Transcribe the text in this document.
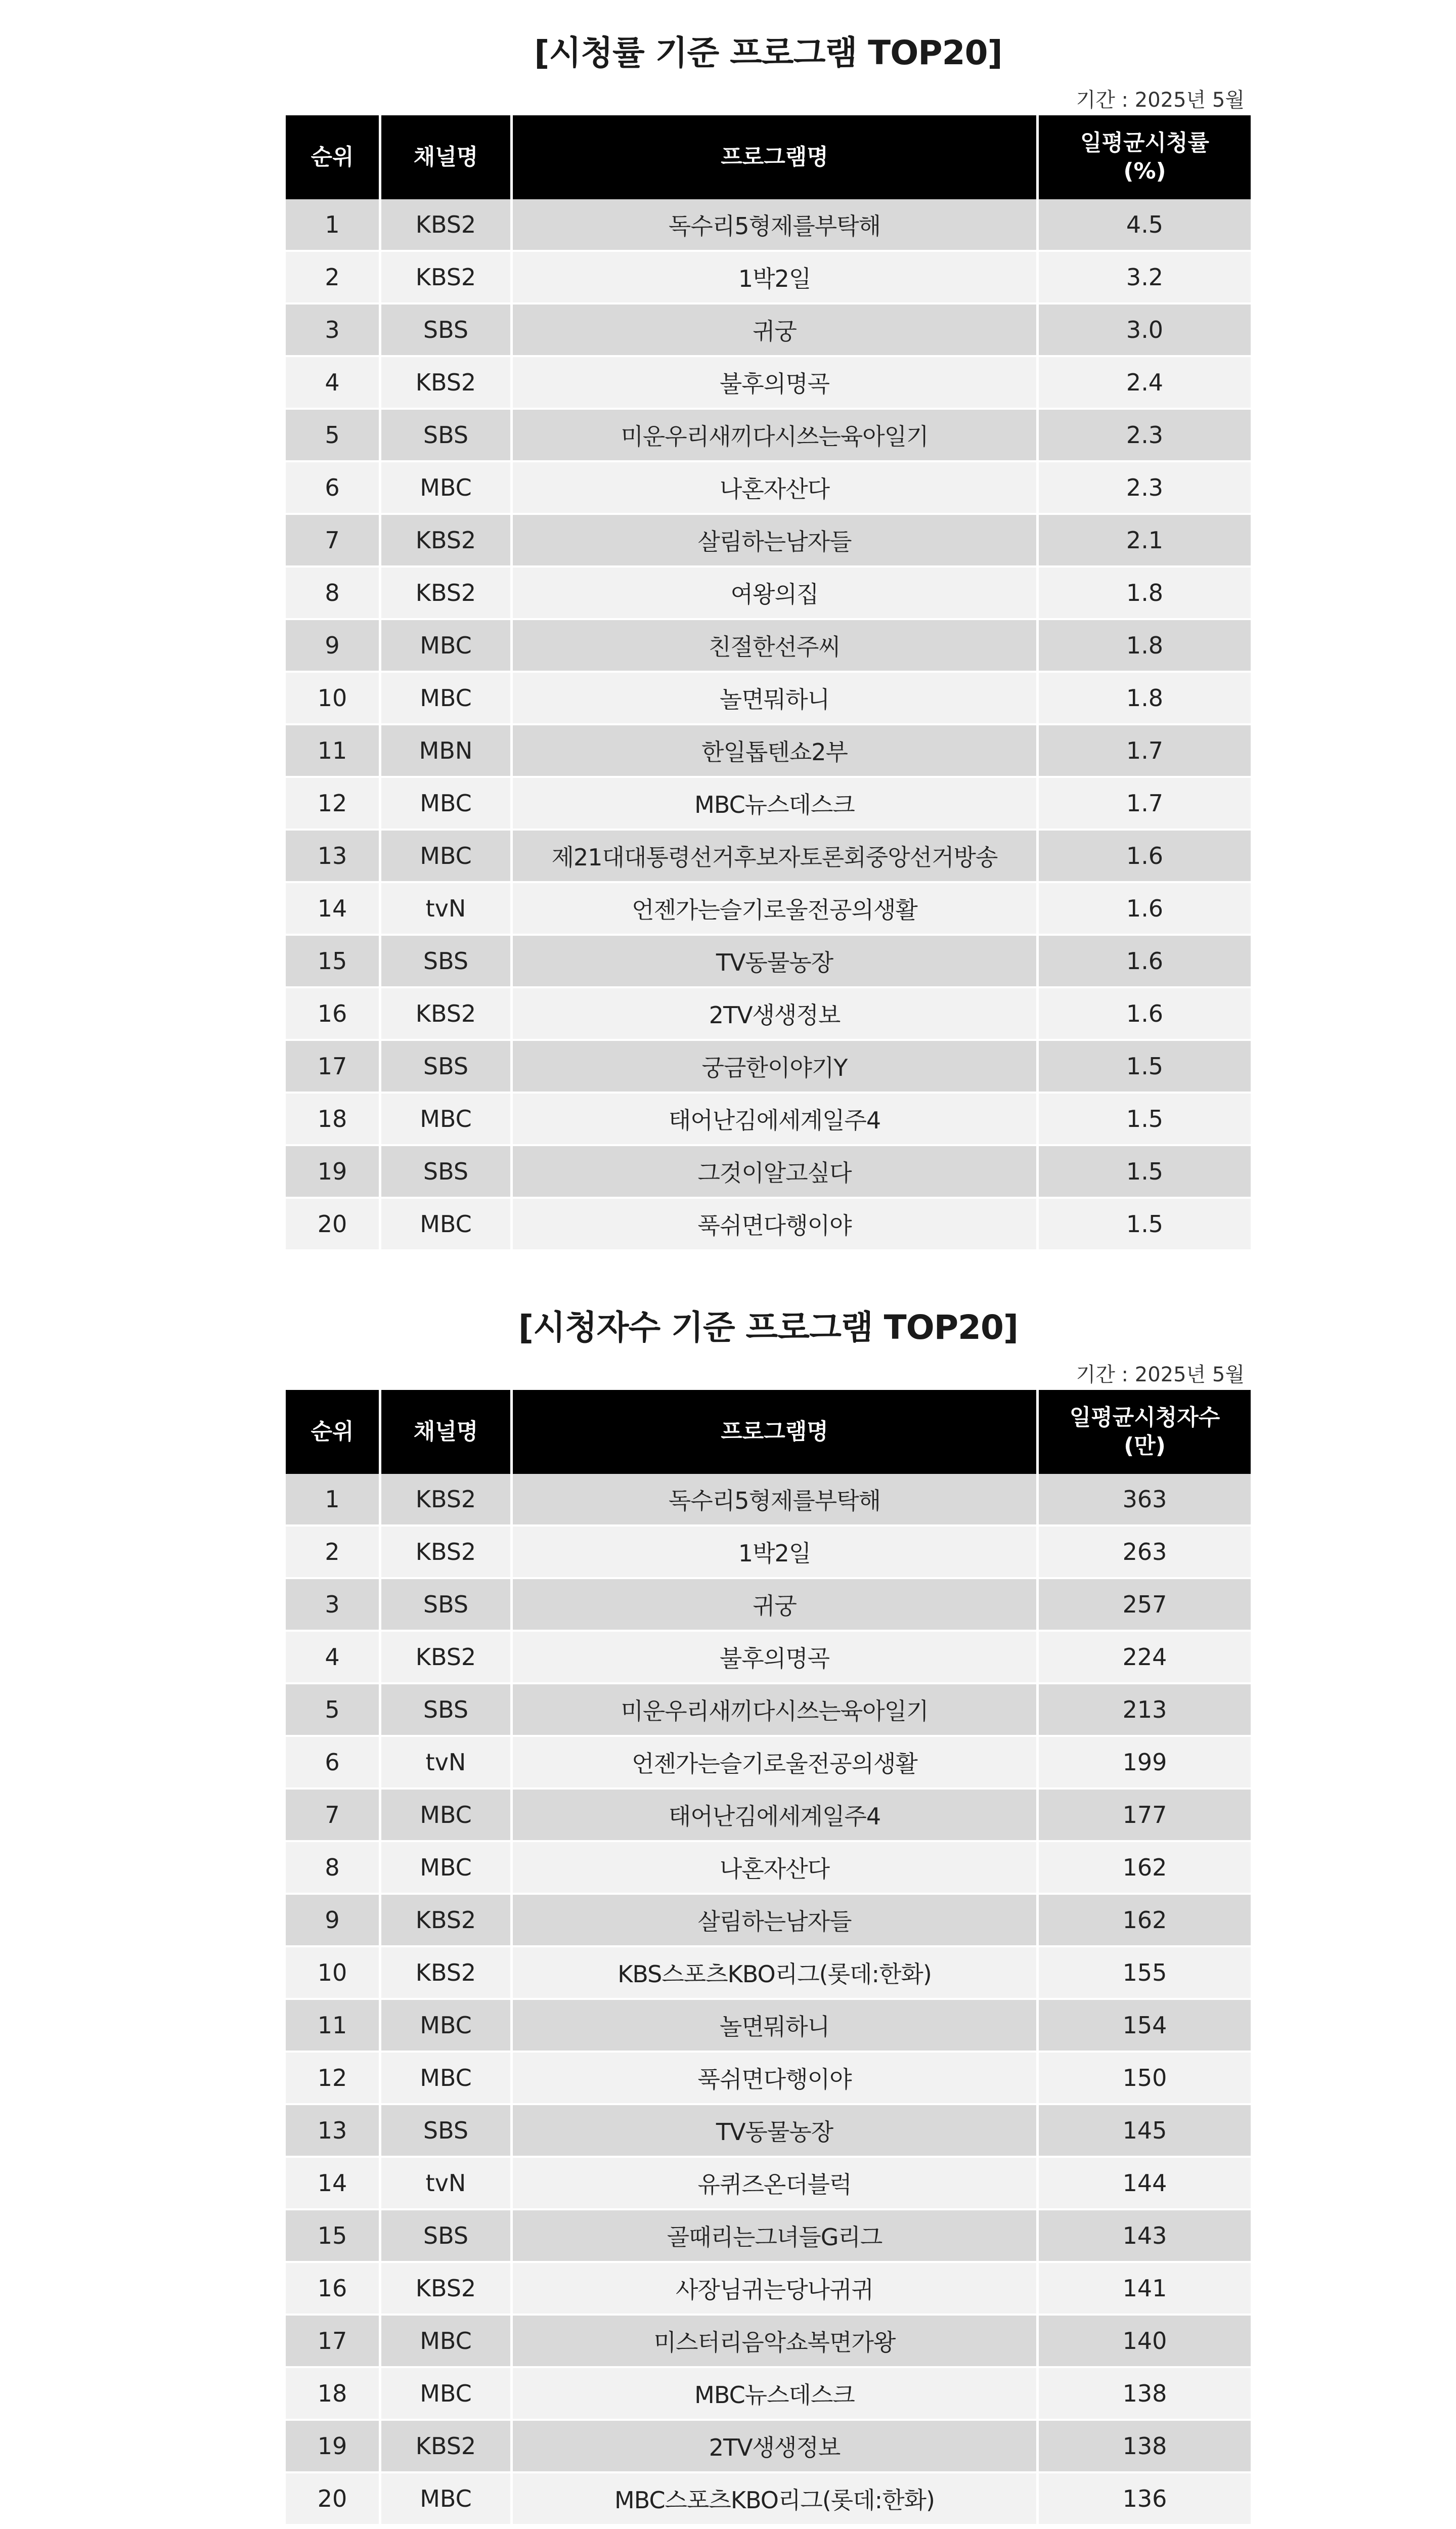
[시청률 기준 프로그램 TOP20]
기간 : 2025년 5월
순위	채널명	프로그램명	일평균시청률
(%)
1	KBS2	독수리5형제를부탁해	4.5
2	KBS2	1박2일	3.2
3	SBS	귀궁	3.0
4	KBS2	불후의명곡	2.4
5	SBS	미운우리새끼다시쓰는육아일기	2.3
6	MBC	나혼자산다	2.3
7	KBS2	살림하는남자들	2.1
8	KBS2	여왕의집	1.8
9	MBC	친절한선주씨	1.8
10	MBC	놀면뭐하니	1.8
11	MBN	한일톱텐쇼2부	1.7
12	MBC	MBC뉴스데스크	1.7
13	MBC	제21대대통령선거후보자토론회중앙선거방송	1.6
14	tvN	언젠가는슬기로울전공의생활	1.6
15	SBS	TV동물농장	1.6
16	KBS2	2TV생생정보	1.6
17	SBS	궁금한이야기Y	1.5
18	MBC	태어난김에세계일주4	1.5
19	SBS	그것이알고싶다	1.5
20	MBC	푹쉬면다행이야	1.5
[시청자수 기준 프로그램 TOP20]
기간 : 2025년 5월
순위	채널명	프로그램명	일평균시청자수
(만)
1	KBS2	독수리5형제를부탁해	363
2	KBS2	1박2일	263
3	SBS	귀궁	257
4	KBS2	불후의명곡	224
5	SBS	미운우리새끼다시쓰는육아일기	213
6	tvN	언젠가는슬기로울전공의생활	199
7	MBC	태어난김에세계일주4	177
8	MBC	나혼자산다	162
9	KBS2	살림하는남자들	162
10	KBS2	KBS스포츠KBO리그(롯데:한화)	155
11	MBC	놀면뭐하니	154
12	MBC	푹쉬면다행이야	150
13	SBS	TV동물농장	145
14	tvN	유퀴즈온더블럭	144
15	SBS	골때리는그녀들G리그	143
16	KBS2	사장님귀는당나귀귀	141
17	MBC	미스터리음악쇼복면가왕	140
18	MBC	MBC뉴스데스크	138
19	KBS2	2TV생생정보	138
20	MBC	MBC스포츠KBO리그(롯데:한화)	136
